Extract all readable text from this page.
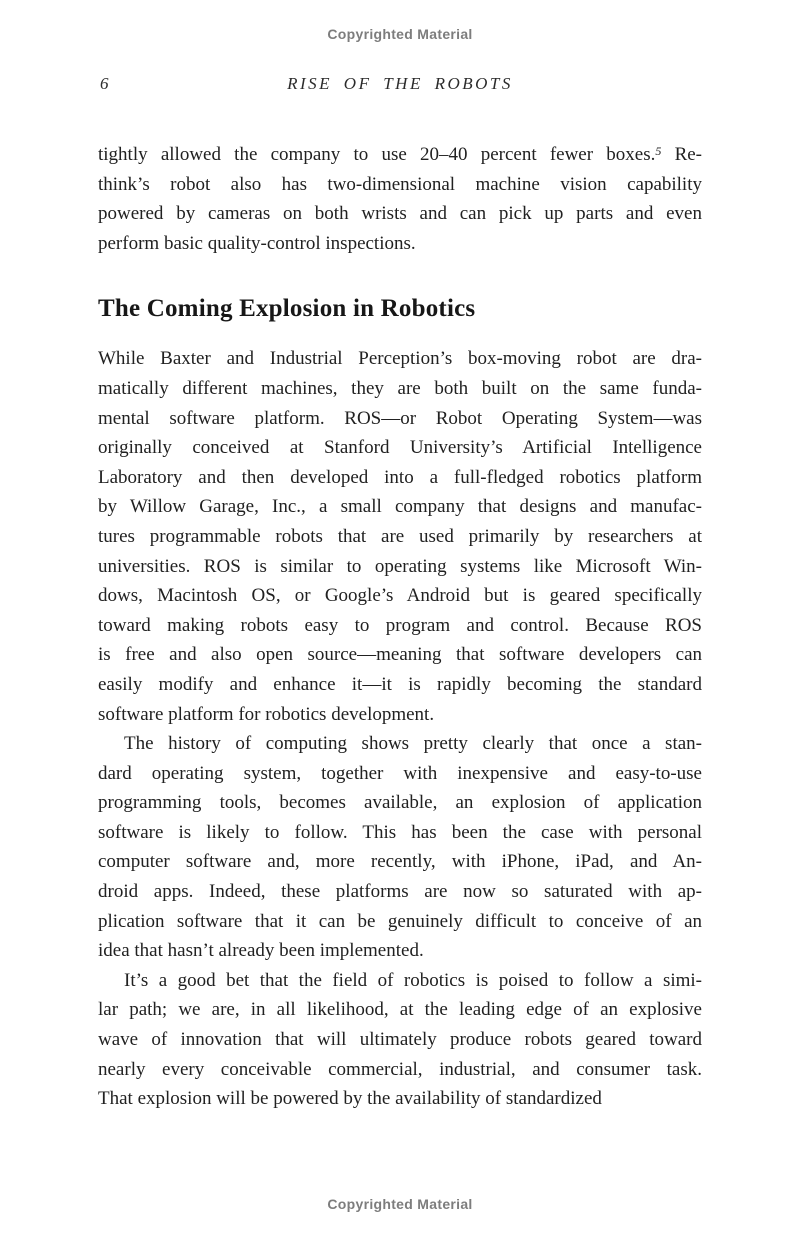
Copyrighted Material
6	RISE OF THE ROBOTS
tightly allowed the company to use 20–40 percent fewer boxes.$^5$ Re-
think’s robot also has two-dimensional machine vision capability
powered by cameras on both wrists and can pick up parts and even
perform basic quality-control inspections.
The Coming Explosion in Robotics
While Baxter and Industrial Perception’s box-moving robot are dra-
matically different machines, they are both built on the same funda-
mental software platform. ROS—or Robot Operating System—was
originally conceived at Stanford University’s Artificial Intelligence
Laboratory and then developed into a full-fledged robotics platform
by Willow Garage, Inc., a small company that designs and manufac-
tures programmable robots that are used primarily by researchers at
universities. ROS is similar to operating systems like Microsoft Win-
dows, Macintosh OS, or Google’s Android but is geared specifically
toward making robots easy to program and control. Because ROS
is free and also open source—meaning that software developers can
easily modify and enhance it—it is rapidly becoming the standard
software platform for robotics development.
The history of computing shows pretty clearly that once a stan-
dard operating system, together with inexpensive and easy-to-use
programming tools, becomes available, an explosion of application
software is likely to follow. This has been the case with personal
computer software and, more recently, with iPhone, iPad, and An-
droid apps. Indeed, these platforms are now so saturated with ap-
plication software that it can be genuinely difficult to conceive of an
idea that hasn’t already been implemented.
It’s a good bet that the field of robotics is poised to follow a simi-
lar path; we are, in all likelihood, at the leading edge of an explosive
wave of innovation that will ultimately produce robots geared toward
nearly every conceivable commercial, industrial, and consumer task.
That explosion will be powered by the availability of standardized
Copyrighted Material
